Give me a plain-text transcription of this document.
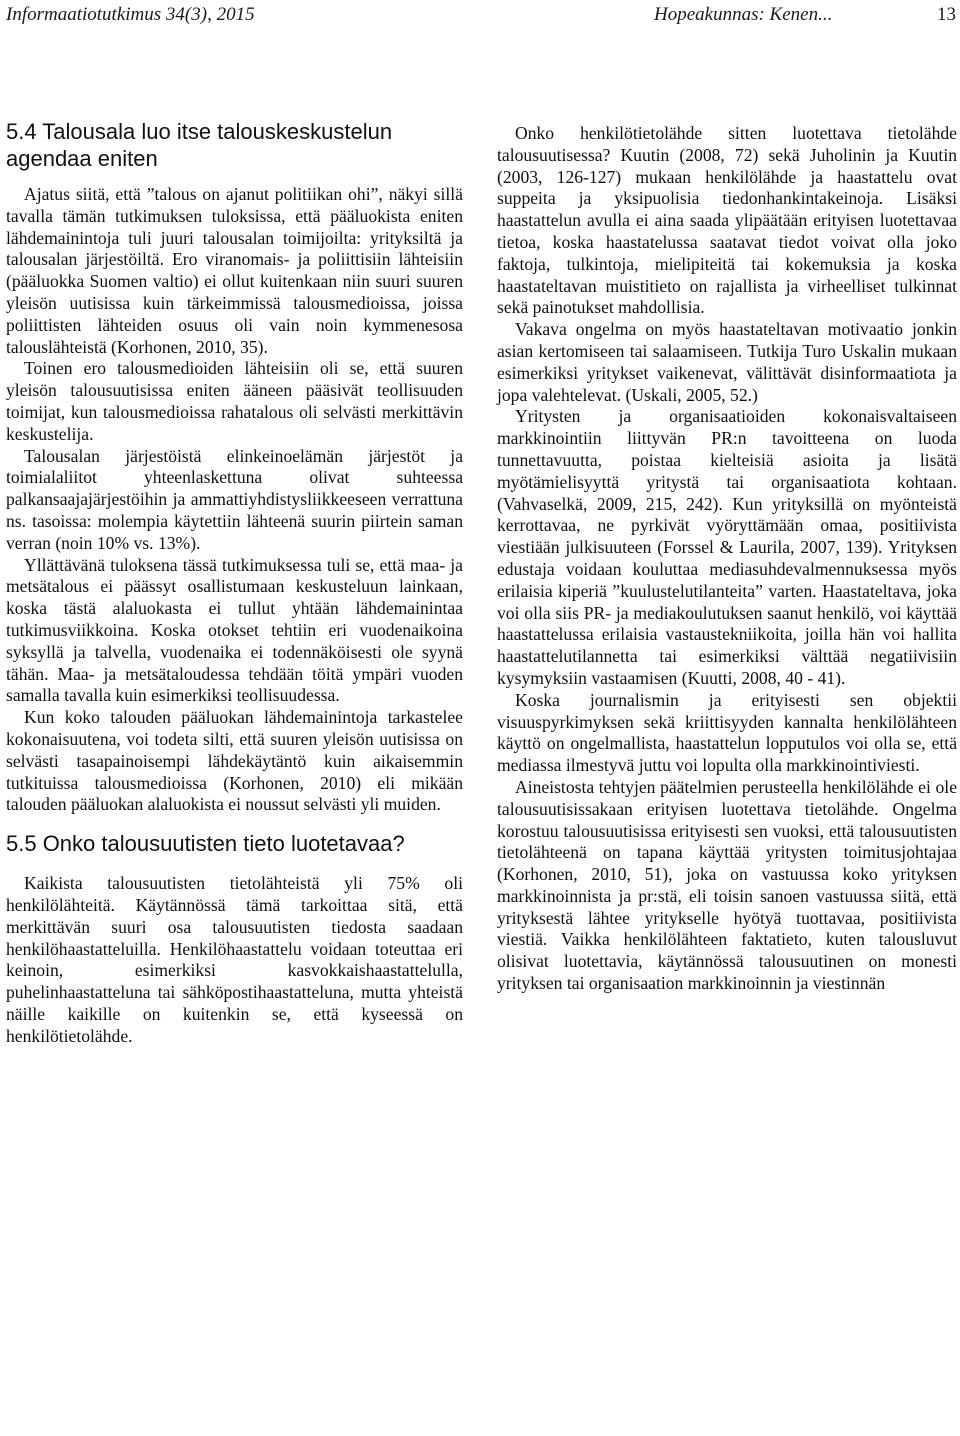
Informaatiotutkimus 34(3), 2015	Hopeakunnas: Kenen...	13
5.4 Talousala luo itse talouskeskustelun agendaa eniten

Ajatus siitä, että ”talous on ajanut politiikan ohi”, näkyi sillä tavalla tämän tutkimuksen tuloksissa, että pääluokista eniten lähdemainintoja tuli juuri talousalan toimijoilta: yrityksiltä ja talousalan järjestöiltä. Ero viranomais- ja poliittisiin lähteisiin (pääluokka Suomen valtio) ei ollut kuitenkaan niin suuri suuren yleisön uutisissa kuin tärkeimmissä talousmedioissa, joissa poliittisten lähteiden osuus oli vain noin kymmenesosa talouslähteistä (Korhonen, 2010, 35).

Toinen ero talousmedioiden lähteisiin oli se, että suuren yleisön talousuutisissa eniten ääneen pääsivät teollisuuden toimijat, kun talousmedioissa rahatalous oli selvästi merkittävin keskustelija.

Talousalan järjestöistä elinkeinoelämän järjestöt ja toimialaliitot yhteenlaskettuna olivat suhteessa palkansaajajärjestöihin ja ammattiyhdistysliikkeeseen verrattuna ns. tasoissa: molempia käytettiin lähteenä suurin piirtein saman verran (noin 10% vs. 13%).

Yllättävänä tuloksena tässä tutkimuksessa tuli se, että maa- ja metsätalous ei päässyt osallistumaan keskusteluun lainkaan, koska tästä alaluokasta ei tullut yhtään lähdemainintaa tutkimusviikkoina. Koska otokset tehtiin eri vuodenaikoina syksyllä ja talvella, vuodenaika ei todennäköisesti ole syynä tähän. Maa- ja metsätaloudessa tehdään töitä ympäri vuoden samalla tavalla kuin esimerkiksi teollisuudessa.

Kun koko talouden pääluokan lähdemainintoja tarkastelee kokonaisuutena, voi todeta silti, että suuren yleisön uutisissa on selvästi tasapainoisempi lähdekäytäntö kuin aikaisemmin tutkituissa talousmedioissa (Korhonen, 2010) eli mikään talouden pääluokan alaluokista ei noussut selvästi yli muiden.

5.5 Onko talousuutisten tieto luotetavaa?

Kaikista talousuutisten tietolähteistä yli 75% oli henkilölähteitä. Käytännössä tämä tarkoittaa sitä, että merkittävän suuri osa talousuutisten tiedosta saadaan henkilöhaastatteluilla. Henkilöhaastattelu voidaan toteuttaa eri keinoin, esimerkiksi kasvokkaishaastattelulla, puhelinhaastatteluna tai sähköpostihaastatteluna, mutta yhteistä näille kaikille on kuitenkin se, että kyseessä on henkilötietolähde.

Onko henkilötietolähde sitten luotettava tietolähde talousuutisessa? Kuutin (2008, 72) sekä Juholinin ja Kuutin (2003, 126-127) mukaan henkilölähde ja haastattelu ovat suppeita ja yksipuolisia tiedonhankintakeinoja. Lisäksi haastattelun avulla ei aina saada ylipäätään erityisen luotettavaa tietoa, koska haastatelussa saatavat tiedot voivat olla joko faktoja, tulkintoja, mielipiteitä tai kokemuksia ja koska haastateltavan muistitieto on rajallista ja virheelliset tulkinnat sekä painotukset mahdollisia.

Vakava ongelma on myös haastateltavan motivaatio jonkin asian kertomiseen tai salaamiseen. Tutkija Turo Uskalin mukaan esimerkiksi yritykset vaikenevat, välittävät disinformaatiota ja jopa valehtelevat. (Uskali, 2005, 52.)

Yritysten ja organisaatioiden kokonaisvaltaiseen markkinointiin liittyvän PR:n tavoitteena on luoda tunnettavuutta, poistaa kielteisiä asioita ja lisätä myötämielisyyttä yritystä tai organisaatiota kohtaan. (Vahvaselkä, 2009, 215, 242). Kun yrityksillä on myönteistä kerrottavaa, ne pyrkivät vyöryttämään omaa, positiivista viestiään julkisuuteen (Forssel & Laurila, 2007, 139). Yrityksen edustaja voidaan kouluttaa mediasuhdevalmennuksessa myös erilaisia kiperiä ”kuulustelutilanteita” varten. Haastateltava, joka voi olla siis PR- ja mediakoulutuksen saanut henkilö, voi käyttää haastattelussa erilaisia vastaustekniikoita, joilla hän voi hallita haastattelutilannetta tai esimerkiksi välttää negatiivisiin kysymyksiin vastaamisen (Kuutti, 2008, 40 - 41).

Koska journalismin ja erityisesti sen objektii visuuspyrkimyksen sekä kriittisyyden kannalta henkilölähteen käyttö on ongelmallista, haastattelun lopputulos voi olla se, että mediassa ilmestyvä juttu voi lopulta olla markkinointiviesti.

Aineistosta tehtyjen päätelmien perusteella henkilölähde ei ole talousuutisissakaan erityisen luotettava tietolähde. Ongelma korostuu talousuutisissa erityisesti sen vuoksi, että talousuutisten tietolähteenä on tapana käyttää yritysten toimitusjohtajaa (Korhonen, 2010, 51), joka on vastuussa koko yrityksen markkinoinnista ja pr:stä, eli toisin sanoen vastuussa siitä, että yrityksestä lähtee yritykselle hyötyä tuottavaa, positiivista viestiä. Vaikka henkilölähteen faktatieto, kuten talousluvut olisivat luotettavia, käytännössä talousuutinen on monesti yrityksen tai organisaation markkinoinnin ja viestinnän
